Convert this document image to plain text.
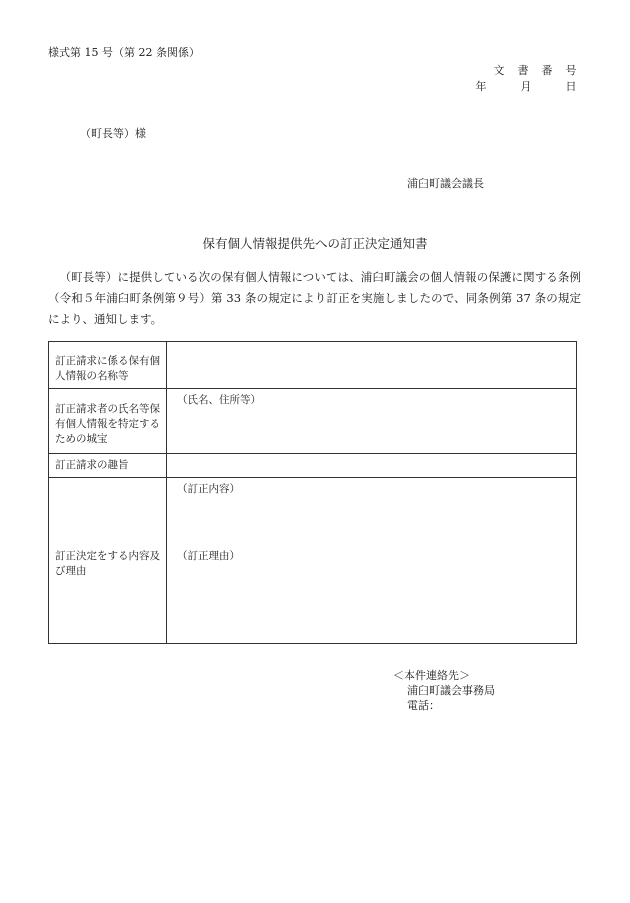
様式第 15 号（第 22 条関係）
文 書 番 号
年	月	日
（町長等）様
浦臼町議会議長
保有個人情報提供先への訂正決定通知書
（町長等）に提供している次の保有個人情報については、浦臼町議会の個人情報の保護に関する条例（令和５年浦臼町条例第９号）第 33 条の規定により訂正を実施しましたので、同条例第 37 条の規定により、通知します。
訂正請求に係る保有個人情報の名称等	
訂正請求者の氏名等保有個人情報を特定するための城宝	（氏名、住所等）
訂正請求の趣旨	
訂正決定をする内容及び理由	（訂正内容）
（訂正理由）
＜本件連絡先＞
浦臼町議会事務局
電話：
